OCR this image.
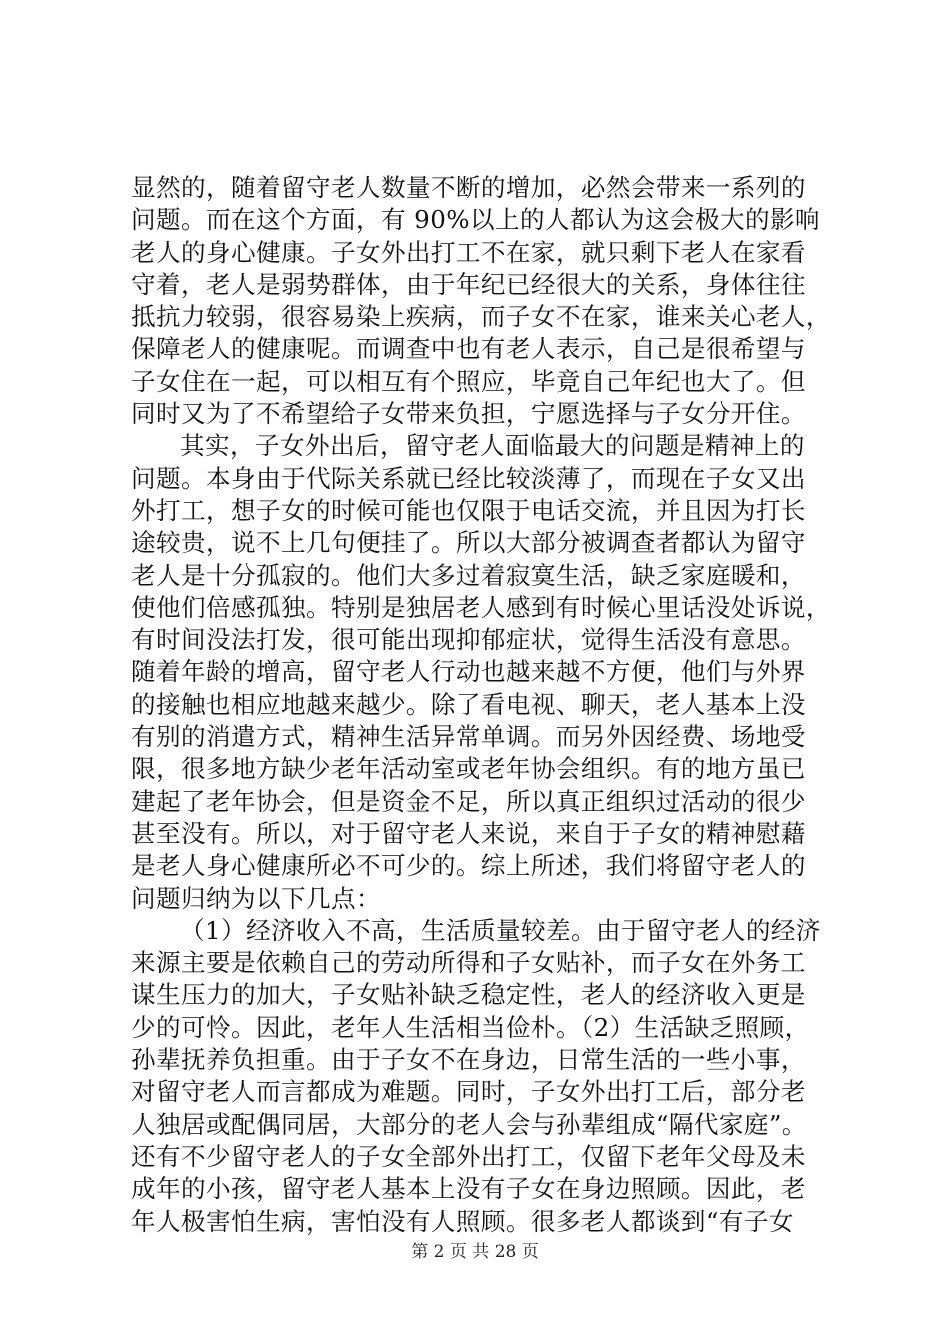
显然的，随着留守老人数量不断的增加，必然会带来一系列的
问题。而在这个方面，有 90%以上的人都认为这会极大的影响
老人的身心健康。子女外出打工不在家，就只剩下老人在家看
守着，老人是弱势群体，由于年纪已经很大的关系，身体往往
抵抗力较弱，很容易染上疾病，而子女不在家，谁来关心老人，
保障老人的健康呢。而调查中也有老人表示，自己是很希望与
子女住在一起，可以相互有个照应，毕竟自己年纪也大了。但
同时又为了不希望给子女带来负担，宁愿选择与子女分开住。
其实，子女外出后，留守老人面临最大的问题是精神上的
问题。本身由于代际关系就已经比较淡薄了，而现在子女又出
外打工，想子女的时候可能也仅限于电话交流，并且因为打长
途较贵，说不上几句便挂了。所以大部分被调查者都认为留守
老人是十分孤寂的。他们大多过着寂寞生活，缺乏家庭暖和，
使他们倍感孤独。特别是独居老人感到有时候心里话没处诉说，
有时间没法打发，很可能出现抑郁症状，觉得生活没有意思。
随着年龄的增高，留守老人行动也越来越不方便，他们与外界
的接触也相应地越来越少。除了看电视、聊天，老人基本上没
有别的消遣方式，精神生活异常单调。而另外因经费、场地受
限，很多地方缺少老年活动室或老年协会组织。有的地方虽已
建起了老年协会，但是资金不足，所以真正组织过活动的很少
甚至没有。所以，对于留守老人来说，来自于子女的精神慰藉
是老人身心健康所必不可少的。综上所述，我们将留守老人的
问题归纳为以下几点：
（1）经济收入不高，生活质量较差。由于留守老人的经济
来源主要是依赖自己的劳动所得和子女贴补，而子女在外务工
谋生压力的加大，子女贴补缺乏稳定性，老人的经济收入更是
少的可怜。因此，老年人生活相当俭朴。（2）生活缺乏照顾，
孙辈抚养负担重。由于子女不在身边，日常生活的一些小事，
对留守老人而言都成为难题。同时，子女外出打工后，部分老
人独居或配偶同居，大部分的老人会与孙辈组成“隔代家庭”。
还有不少留守老人的子女全部外出打工，仅留下老年父母及未
成年的小孩，留守老人基本上没有子女在身边照顾。因此，老
年人极害怕生病，害怕没有人照顾。很多老人都谈到“有子女
第 2 页 共 28 页
